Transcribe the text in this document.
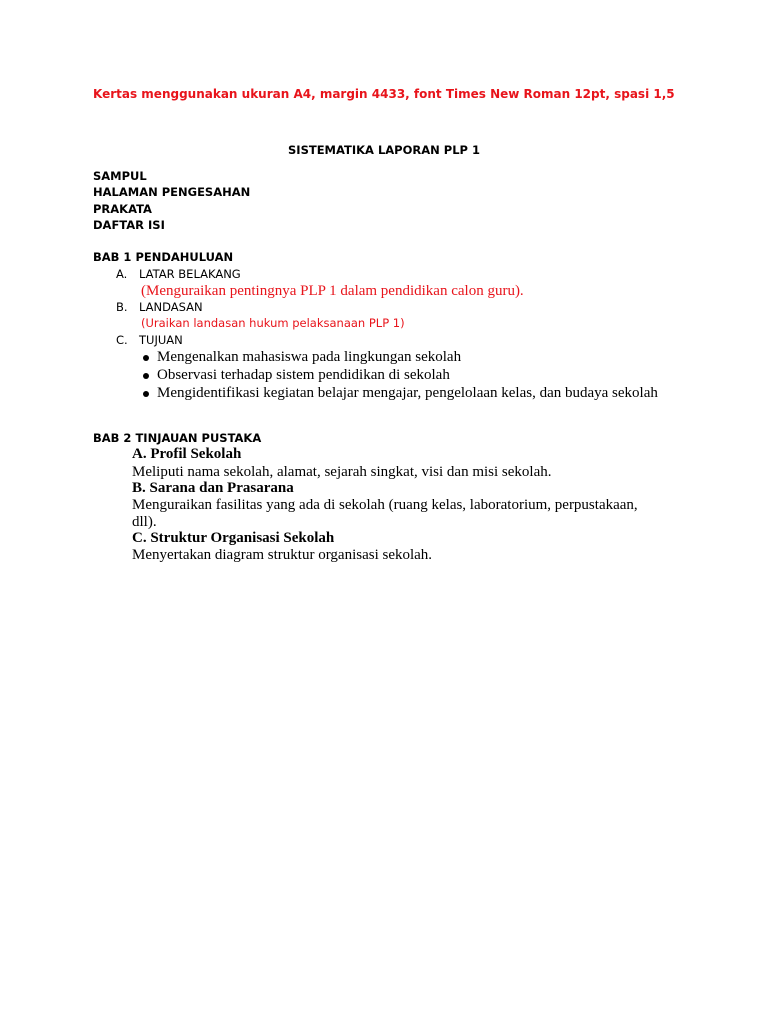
Kertas menggunakan ukuran A4, margin 4433, font Times New Roman 12pt, spasi 1,5
SISTEMATIKA LAPORAN PLP 1
SAMPUL
HALAMAN PENGESAHAN
PRAKATA
DAFTAR ISI
BAB 1 PENDAHULUAN
A. LATAR BELAKANG
(Menguraikan pentingnya PLP 1 dalam pendidikan calon guru).
B. LANDASAN
(Uraikan landasan hukum pelaksanaan PLP 1)
C. TUJUAN
Mengenalkan mahasiswa pada lingkungan sekolah
Observasi terhadap sistem pendidikan di sekolah
Mengidentifikasi kegiatan belajar mengajar, pengelolaan kelas, dan budaya sekolah
BAB 2 TINJAUAN PUSTAKA
A. Profil Sekolah
Meliputi nama sekolah, alamat, sejarah singkat, visi dan misi sekolah.
B. Sarana dan Prasarana
Menguraikan fasilitas yang ada di sekolah (ruang kelas, laboratorium, perpustakaan,
dll).
C. Struktur Organisasi Sekolah
Menyertakan diagram struktur organisasi sekolah.
